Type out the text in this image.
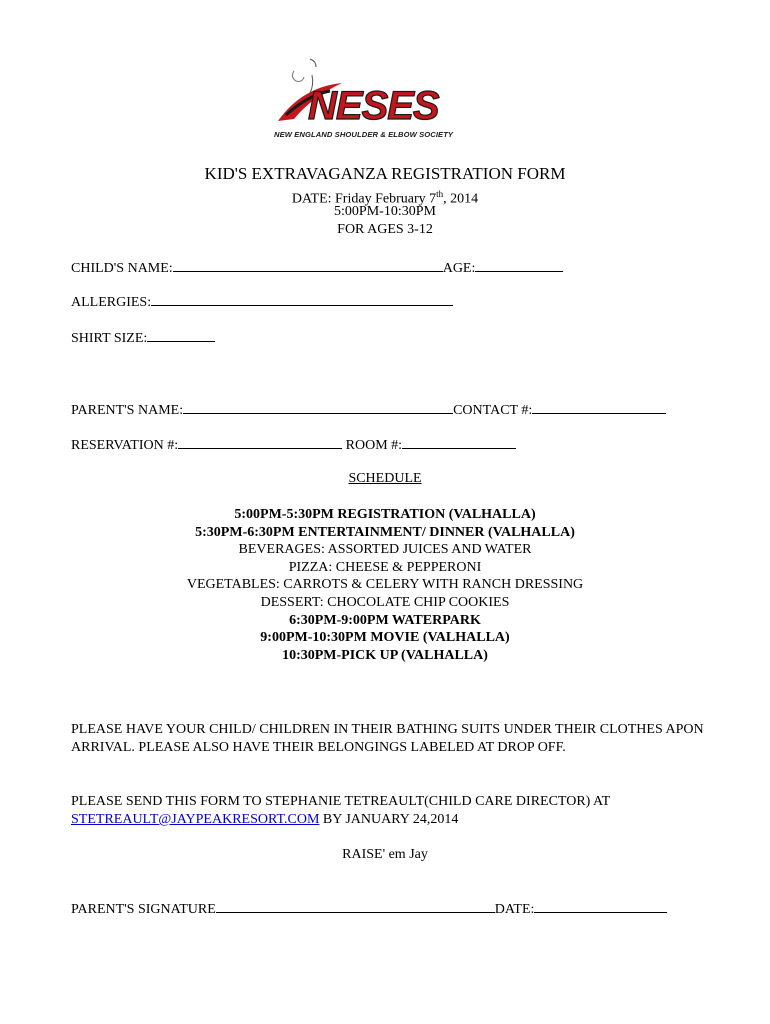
NESES
NEW ENGLAND SHOULDER & ELBOW SOCIETY
KID'S EXTRAVAGANZA REGISTRATION FORM
DATE: Friday February 7th, 2014
5:00PM-10:30PM
FOR AGES 3-12
CHILD'S NAME:	AGE:
ALLERGIES:
SHIRT SIZE:
PARENT'S NAME:	CONTACT #:
RESERVATION #:	ROOM #:
SCHEDULE
5:00PM-5:30PM REGISTRATION (VALHALLA)
5:30PM-6:30PM ENTERTAINMENT/ DINNER (VALHALLA)
BEVERAGES: ASSORTED JUICES AND WATER
PIZZA: CHEESE & PEPPERONI
VEGETABLES: CARROTS & CELERY WITH RANCH DRESSING
DESSERT: CHOCOLATE CHIP COOKIES
6:30PM-9:00PM WATERPARK
9:00PM-10:30PM MOVIE (VALHALLA)
10:30PM-PICK UP (VALHALLA)
PLEASE HAVE YOUR CHILD/ CHILDREN IN THEIR BATHING SUITS UNDER THEIR CLOTHES APON ARRIVAL. PLEASE ALSO HAVE THEIR BELONGINGS LABELED AT DROP OFF.
PLEASE SEND THIS FORM TO STEPHANIE TETREAULT(CHILD CARE DIRECTOR) AT
STETREAULT@JAYPEAKRESORT.COM BY JANUARY 24,2014
RAISE' em Jay
PARENT'S SIGNATURE	DATE:
